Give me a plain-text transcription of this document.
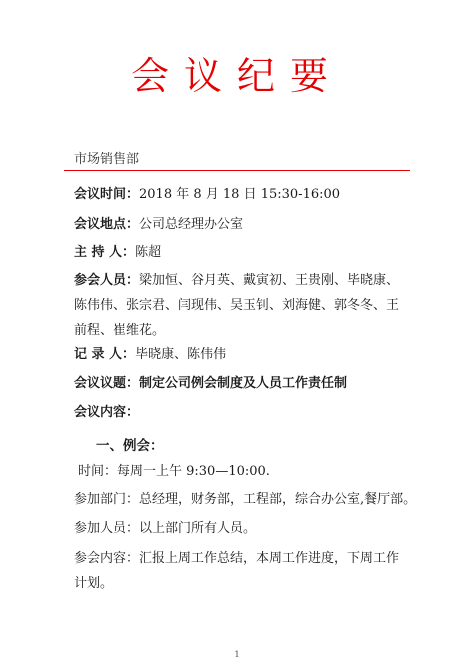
会议纪要
市场销售部
会议时间：2018 年 8 月 18 日 15:30-16:00
会议地点：公司总经理办公室
主 持 人：陈超
参会人员：梁加恒、谷月英、戴寅初、王贵刚、毕晓康、陈伟伟、张宗君、闫现伟、吴玉钊、刘海健、郭冬冬、王前程、崔维花。
记 录 人：毕晓康、陈伟伟
会议议题：制定公司例会制度及人员工作责任制
会议内容：
一、例会：
时间：每周一上午 9:30—10:00.
参加部门：总经理，财务部，工程部，综合办公室,餐厅部。
参加人员：以上部门所有人员。
参会内容：汇报上周工作总结，本周工作进度，下周工作计划。
1
